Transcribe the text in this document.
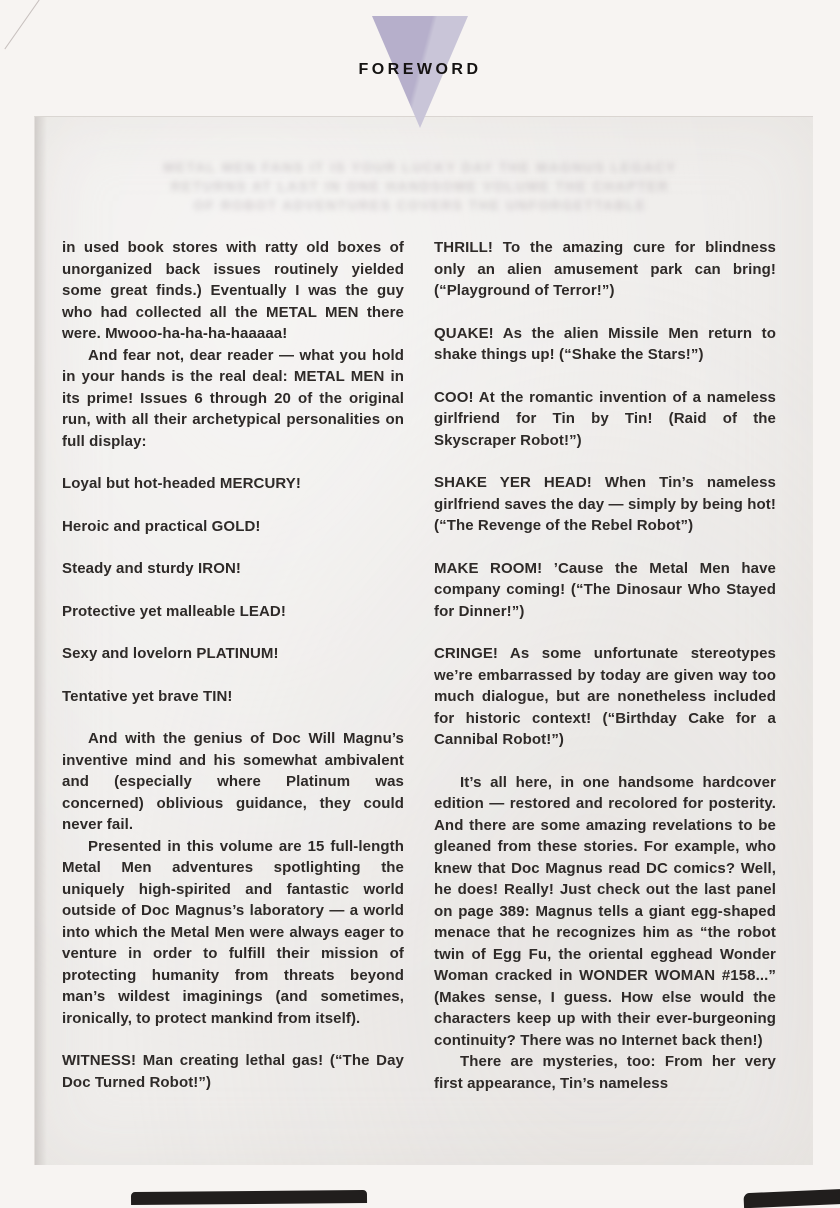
FOREWORD
METAL MEN FANS IT IS YOUR LUCKY DAY THE MAGNUS LEGACY
RETURNS AT LAST IN ONE HANDSOME VOLUME THE CHAPTER
OF ROBOT ADVENTURES COVERS THE UNFORGETTABLE

in used book stores with ratty old boxes of unorganized back issues routinely yielded some great finds.) Eventually I was the guy who had collected all the METAL MEN there were. Mwooo-ha-ha-ha-haaaaa!

And fear not, dear reader — what you hold in your hands is the real deal: METAL MEN in its prime! Issues 6 through 20 of the original run, with all their archetypical personalities on full display:

Loyal but hot-headed MERCURY!

Heroic and practical GOLD!

Steady and sturdy IRON!

Protective yet malleable LEAD!

Sexy and lovelorn PLATINUM!

Tentative yet brave TIN!

And with the genius of Doc Will Magnu’s inventive mind and his somewhat ambivalent and (especially where Platinum was concerned) oblivious guidance, they could never fail.

Presented in this volume are 15 full-length Metal Men adventures spotlighting the uniquely high-spirited and fantastic world outside of Doc Magnus’s laboratory — a world into which the Metal Men were always eager to venture in order to fulfill their mission of protecting humanity from threats beyond man’s wildest imaginings (and sometimes, ironically, to protect mankind from itself).

WITNESS! Man creating lethal gas! (“The Day Doc Turned Robot!”)

THRILL! To the amazing cure for blindness only an alien amusement park can bring! (“Playground of Terror!”)

QUAKE! As the alien Missile Men return to shake things up! (“Shake the Stars!”)

COO! At the romantic invention of a nameless girlfriend for Tin by Tin! (Raid of the Skyscraper Robot!”)

SHAKE YER HEAD! When Tin’s nameless girlfriend saves the day — simply by being hot! (“The Revenge of the Rebel Robot”)

MAKE ROOM! ’Cause the Metal Men have company coming! (“The Dinosaur Who Stayed for Dinner!”)

CRINGE! As some unfortunate stereotypes we’re embarrassed by today are given way too much dialogue, but are nonetheless included for historic context! (“Birthday Cake for a Cannibal Robot!”)

It’s all here, in one handsome hardcover edition — restored and recolored for posterity. And there are some amazing revelations to be gleaned from these stories. For example, who knew that Doc Magnus read DC comics? Well, he does! Really! Just check out the last panel on page 389: Magnus tells a giant egg-shaped menace that he recognizes him as “the robot twin of Egg Fu, the oriental egghead Wonder Woman cracked in WONDER WOMAN #158...” (Makes sense, I guess. How else would the characters keep up with their ever-burgeoning continuity? There was no Internet back then!)

There are mysteries, too: From her very first appearance, Tin’s nameless
